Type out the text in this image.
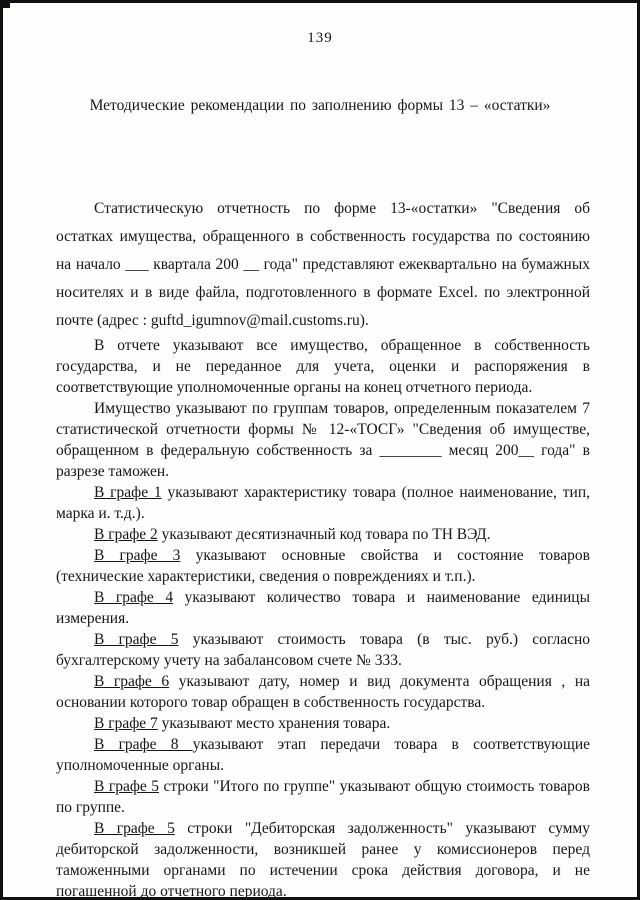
139
Методические рекомендации по заполнению формы 13 – «остатки»

Статистическую отчетность по форме 13-«остатки» "Сведения об остатках имущества, обращенного в собственность государства по состоянию на начало ___ квартала 200 __ года" представляют ежеквартально на бумажных носителях и в виде файла, подготовленного в формате Excel. по электронной почте (адрес : guftd_igumnov@mail.customs.ru).

В отчете указывают все имущество, обращенное в собственность государства, и не переданное для учета, оценки и распоряжения в соответствующие уполномоченные органы на конец отчетного периода.

Имущество указывают по группам товаров, определенным показателем 7 статистической отчетности формы № 12-«ТОСГ» "Сведения об имуществе, обращенном в федеральную собственность за ________ месяц 200__ года" в разрезе таможен.

В графе 1 указывают характеристику товара (полное наименование, тип, марка и. т.д.).

В графе 2 указывают десятизначный код товара по ТН ВЭД.

В графе 3 указывают основные свойства и состояние товаров (технические характеристики, сведения о повреждениях и т.п.).

В графе 4 указывают количество товара и наименование единицы измерения.

В графе 5 указывают стоимость товара (в тыс. руб.) согласно бухгалтерскому учету на забалансовом счете № 333.

В графе 6 указывают дату, номер и вид документа обращения , на основании которого товар обращен в собственность государства.

В графе 7 указывают место хранения товара.

В графе 8 указывают этап передачи товара в соответствующие уполномоченные органы.

В графе 5 строки "Итого по группе" указывают общую стоимость товаров по группе.

В графе 5 строки "Дебиторская задолженность" указывают сумму дебиторской задолженности, возникшей ранее у комиссионеров перед таможенными органами по истечении срока действия договора, и не погашенной до отчетного периода.
